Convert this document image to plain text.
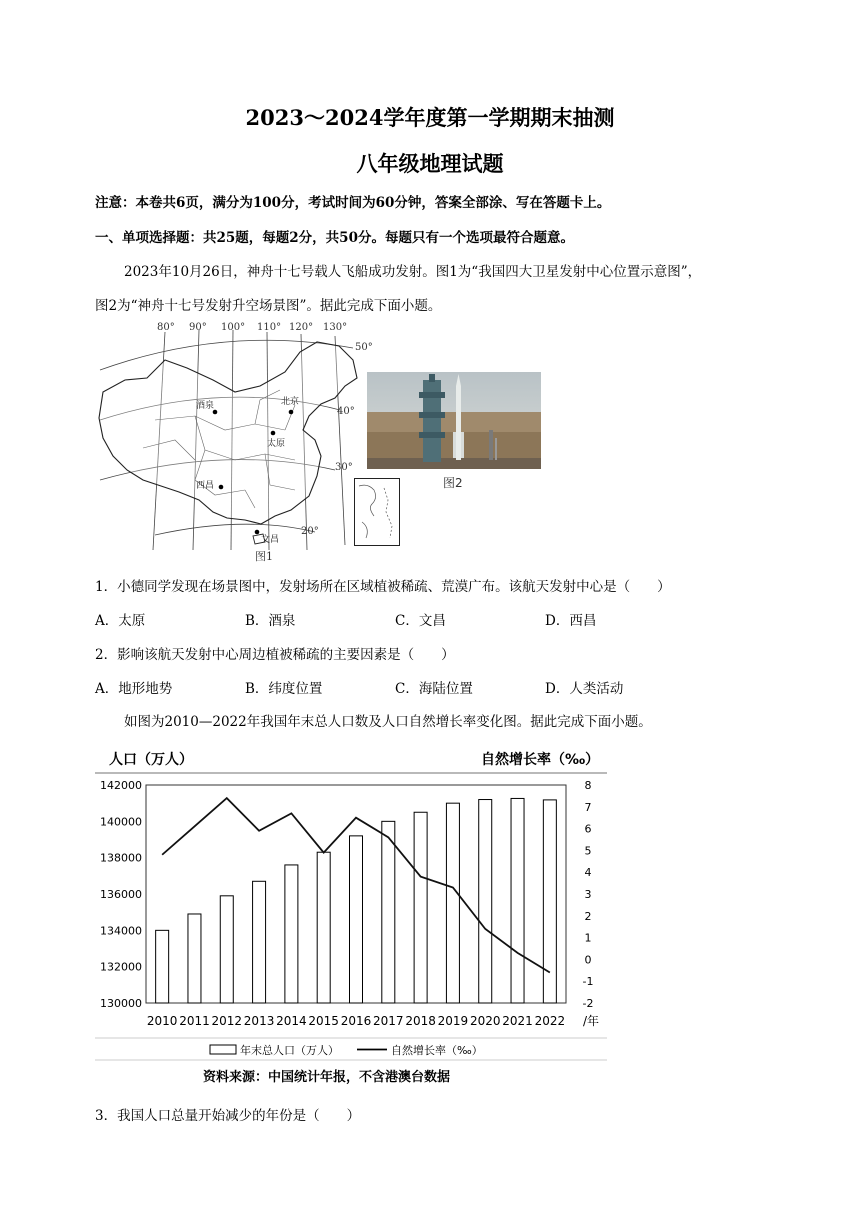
2023～2024学年度第一学期期末抽测
八年级地理试题
注意：本卷共6页，满分为100分，考试时间为60分钟，答案全部涂、写在答题卡上。
一、单项选择题：共25题，每题2分，共50分。每题只有一个选项最符合题意。
2023年10月26日，神舟十七号载人飞船成功发射。图1为“我国四大卫星发射中心位置示意图”，
图2为“神舟十七号发射升空场景图”。据此完成下面小题。
80° 90° 100° 110° 120° 130°
50°
40°
30°
20°
酒泉	北京
太原
西昌
文昌
图1
图2
1．小德同学发现在场景图中，发射场所在区域植被稀疏、荒漠广布。该航天发射中心是（　　）
A．太原	B．酒泉	C．文昌	D．西昌
2．影响该航天发射中心周边植被稀疏的主要因素是（　　）
A．地形地势	B．纬度位置	C．海陆位置	D．人类活动
如图为2010—2022年我国年末总人口数及人口自然增长率变化图。据此完成下面小题。
人口（万人）	自然增长率（‰）
142000
140000
138000
136000
134000
132000
130000
8
7
6
5
4
3
2
1
0
-1
-2
2010 2011 2012 2013 2014 2015 2016 2017 2018 2019 2020 2021 2022 /年
年末总人口（万人）	自然增长率（‰）
资料来源：中国统计年报，不含港澳台数据
3．我国人口总量开始减少的年份是（　　）
